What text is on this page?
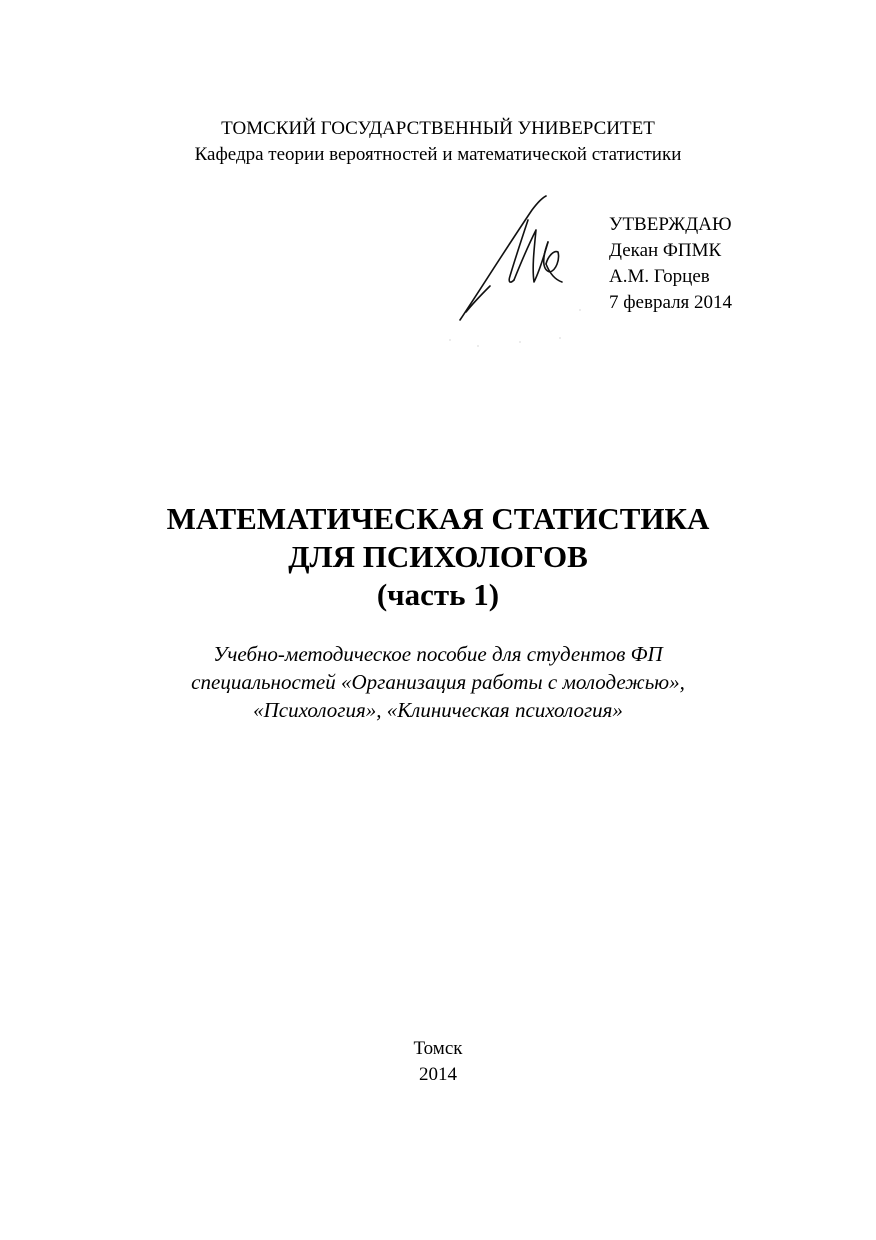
ТОМСКИЙ ГОСУДАРСТВЕННЫЙ УНИВЕРСИТЕТ
Кафедра теории вероятностей и математической статистики
УТВЕРЖДАЮ
Декан ФПМК
А.М. Горцев
7 февраля 2014
МАТЕМАТИЧЕСКАЯ СТАТИСТИКА
ДЛЯ ПСИХОЛОГОВ
(часть 1)
Учебно-методическое пособие для студентов ФП
специальностей «Организация работы с молодежью»,
«Психология», «Клиническая психология»
Томск
2014
